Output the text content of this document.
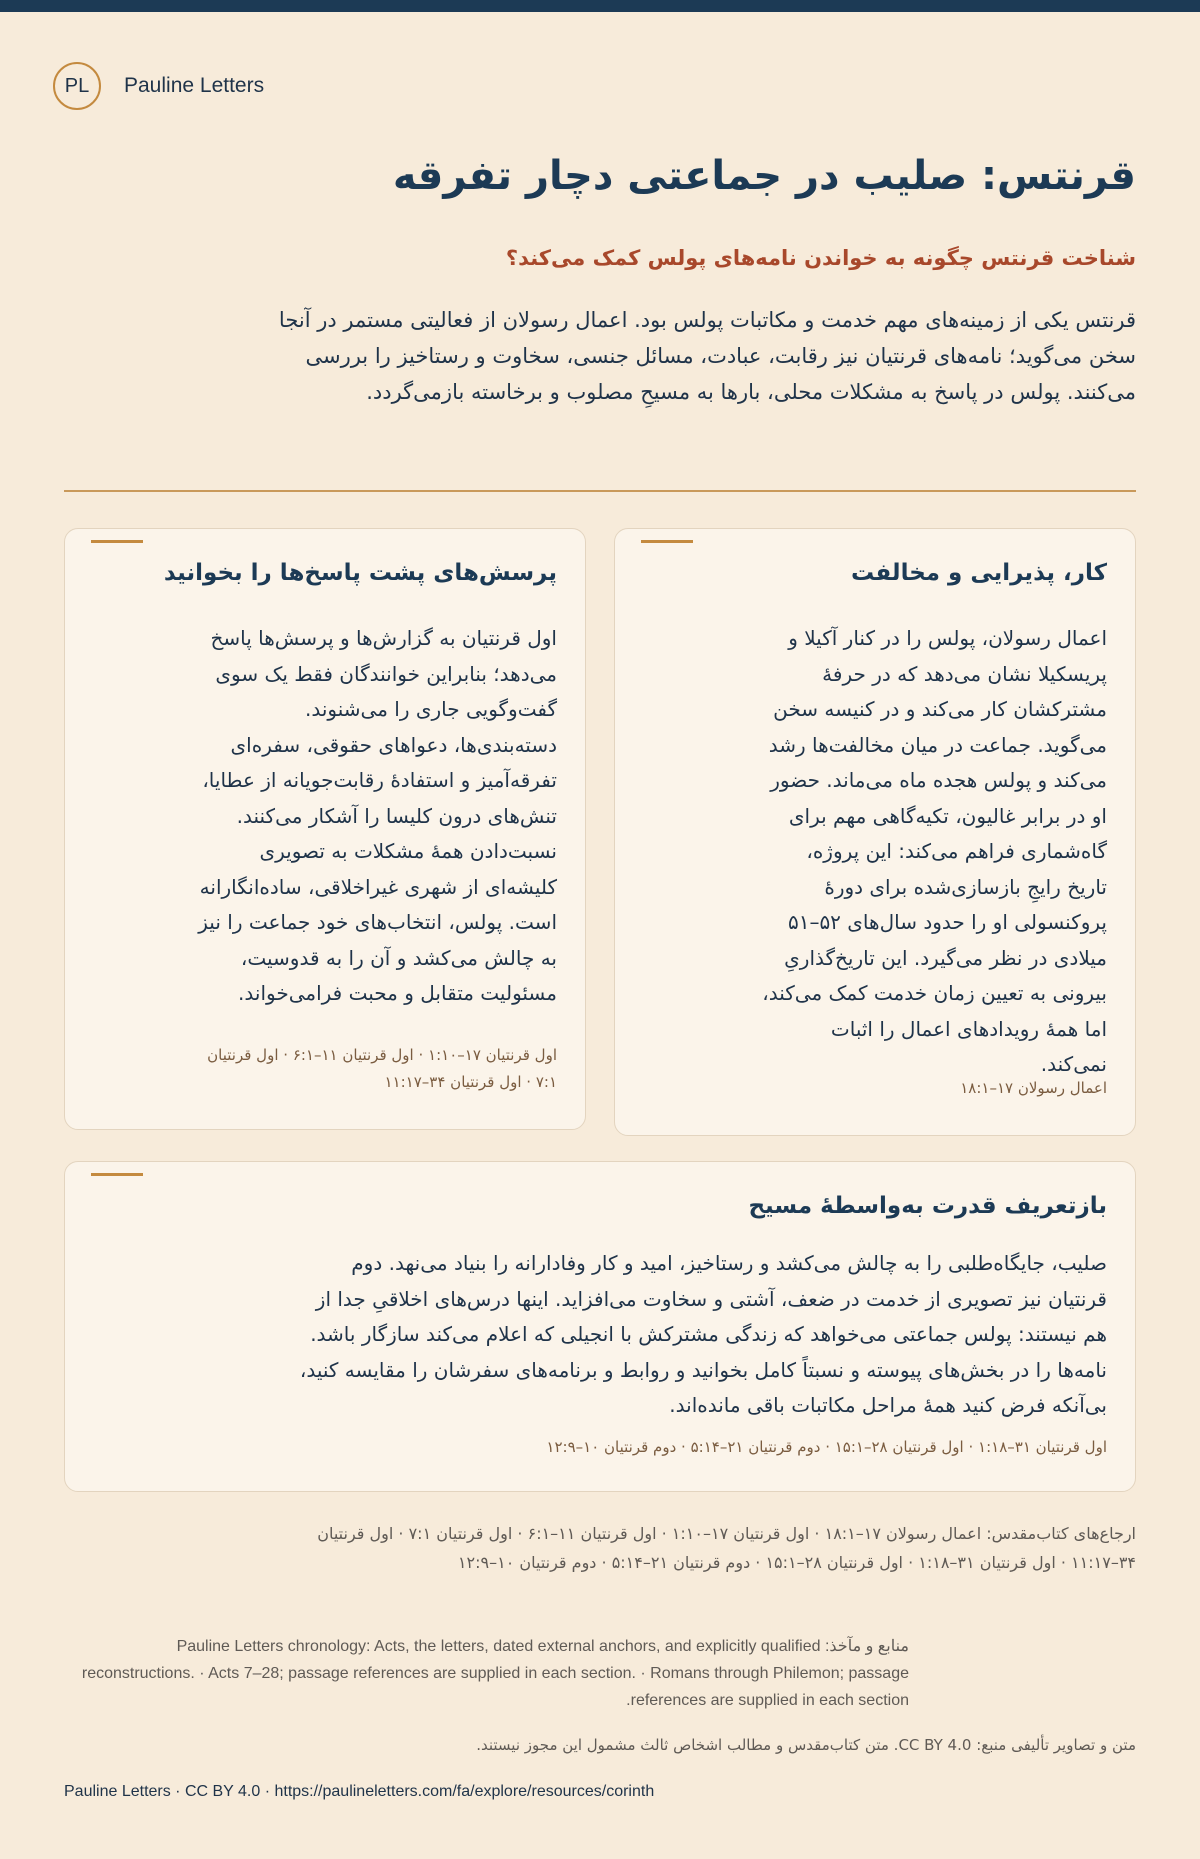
PL	Pauline Letters
قرنتس: صلیب در جماعتی دچار تفرقه
شناخت قرنتس چگونه به خواندن نامه‌های پولس کمک می‌کند؟

قرنتس یکی از زمینه‌های مهم خدمت و مکاتبات پولس بود. اعمال رسولان از فعالیتی مستمر در آنجا سخن می‌گوید؛ نامه‌های قرنتیان نیز رقابت، عبادت، مسائل جنسی، سخاوت و رستاخیز را بررسی می‌کنند. پولس در پاسخ به مشکلات محلی، بارها به مسیحِ مصلوب و برخاسته بازمی‌گردد.

کار، پذیرایی و مخالفت

اعمال رسولان، پولس را در کنار آکیلا و پریسکیلا نشان می‌دهد که در حرفهٔ مشترکشان کار می‌کند و در کنیسه سخن می‌گوید. جماعت در میان مخالفت‌ها رشد می‌کند و پولس هجده ماه می‌ماند. حضور او در برابر غالیون، تکیه‌گاهی مهم برای گاه‌شماری فراهم می‌کند: این پروژه، تاریخ رایجِ بازسازی‌شده برای دورهٔ پروکنسولی او را حدود سال‌های ۵۲–۵۱ میلادی در نظر می‌گیرد. این تاریخ‌گذاریِ بیرونی به تعیین زمان خدمت کمک می‌کند، اما همهٔ رویدادهای اعمال را اثبات نمی‌کند.

اعمال رسولان ۱۷–۱۸:۱
پرسش‌های پشت پاسخ‌ها را بخوانید

اول قرنتیان به گزارش‌ها و پرسش‌ها پاسخ می‌دهد؛ بنابراین خوانندگان فقط یک سوی گفت‌وگویی جاری را می‌شنوند. دسته‌بندی‌ها، دعواهای حقوقی، سفره‌ای تفرقه‌آمیز و استفادهٔ رقابت‌جویانه از عطایا، تنش‌های درون کلیسا را آشکار می‌کنند. نسبت‌دادن همهٔ مشکلات به تصویری کلیشه‌ای از شهری غیراخلاقی، ساده‌انگارانه است. پولس، انتخاب‌های خود جماعت را نیز به چالش می‌کشد و آن را به قدوسیت، مسئولیت متقابل و محبت فرامی‌خواند.

اول قرنتیان ۱۷–۱:۱۰ · اول قرنتیان ۱۱–۶:۱ · اول قرنتیان ۷:۱ · اول قرنتیان ۳۴–۱۱:۱۷
بازتعریف قدرت به‌واسطهٔ مسیح

صلیب، جایگاه‌طلبی را به چالش می‌کشد و رستاخیز، امید و کار وفادارانه را بنیاد می‌نهد. دوم قرنتیان نیز تصویری از خدمت در ضعف، آشتی و سخاوت می‌افزاید. اینها درس‌های اخلاقیِ جدا از هم نیستند: پولس جماعتی می‌خواهد که زندگی مشترکش با انجیلی که اعلام می‌کند سازگار باشد. نامه‌ها را در بخش‌های پیوسته و نسبتاً کامل بخوانید و روابط و برنامه‌های سفرشان را مقایسه کنید، بی‌آنکه فرض کنید همهٔ مراحل مکاتبات باقی مانده‌اند.

اول قرنتیان ۳۱–۱:۱۸ · اول قرنتیان ۲۸–۱۵:۱ · دوم قرنتیان ۲۱–۵:۱۴ · دوم قرنتیان ۱۰–۱۲:۹

ارجاع‌های کتاب‌مقدس: اعمال رسولان ۱۷–۱۸:۱ · اول قرنتیان ۱۷–۱:۱۰ · اول قرنتیان ۱۱–۶:۱ · اول قرنتیان ۷:۱ · اول قرنتیان ۳۴–۱۱:۱۷ · اول قرنتیان ۳۱–۱:۱۸ · اول قرنتیان ۲۸–۱۵:۱ · دوم قرنتیان ۲۱–۵:۱۴ · دوم قرنتیان ۱۰–۱۲:۹

منابع و مآخذ: Pauline Letters chronology: Acts, the letters, dated external anchors, and explicitly qualified reconstructions. · Acts 7–28; passage references are supplied in each section. · Romans through Philemon; passage references are supplied in each section.

متن و تصاویر تألیفی منبع: CC BY 4.0. متن کتاب‌مقدس و مطالب اشخاص ثالث مشمول این مجوز نیستند.

Pauline Letters · CC BY 4.0 · https://paulineletters.com/fa/explore/resources/corinth
